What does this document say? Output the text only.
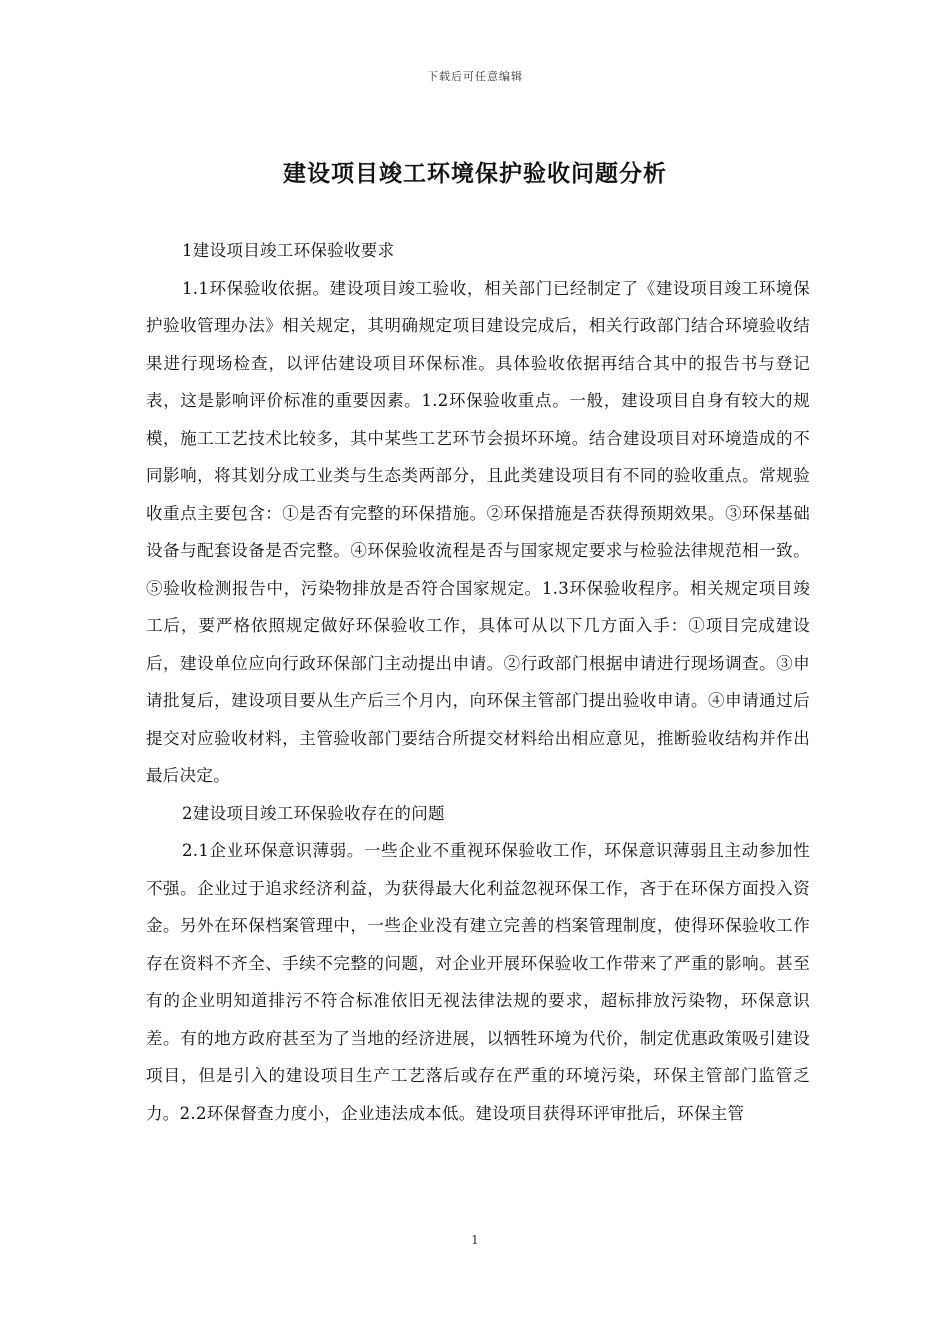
下载后可任意编辑
建设项目竣工环境保护验收问题分析

1建设项目竣工环保验收要求

1.1环保验收依据。建设项目竣工验收，相关部门已经制定了《建设项目竣工环境保护验收管理办法》相关规定，其明确规定项目建设完成后，相关行政部门结合环境验收结果进行现场检查，以评估建设项目环保标准。具体验收依据再结合其中的报告书与登记表，这是影响评价标准的重要因素。1.2环保验收重点。一般，建设项目自身有较大的规模，施工工艺技术比较多，其中某些工艺环节会损坏环境。结合建设项目对环境造成的不同影响，将其划分成工业类与生态类两部分，且此类建设项目有不同的验收重点。常规验收重点主要包含：①是否有完整的环保措施。②环保措施是否获得预期效果。③环保基础设备与配套设备是否完整。④环保验收流程是否与国家规定要求与检验法律规范相一致。⑤验收检测报告中，污染物排放是否符合国家规定。1.3环保验收程序。相关规定项目竣工后，要严格依照规定做好环保验收工作，具体可从以下几方面入手：①项目完成建设后，建设单位应向行政环保部门主动提出申请。②行政部门根据申请进行现场调查。③申请批复后，建设项目要从生产后三个月内，向环保主管部门提出验收申请。④申请通过后提交对应验收材料，主管验收部门要结合所提交材料给出相应意见，推断验收结构并作出最后决定。

2建设项目竣工环保验收存在的问题

2.1企业环保意识薄弱。一些企业不重视环保验收工作，环保意识薄弱且主动参加性不强。企业过于追求经济利益，为获得最大化利益忽视环保工作，吝于在环保方面投入资金。另外在环保档案管理中，一些企业没有建立完善的档案管理制度，使得环保验收工作存在资料不齐全、手续不完整的问题，对企业开展环保验收工作带来了严重的影响。甚至有的企业明知道排污不符合标准依旧无视法律法规的要求，超标排放污染物，环保意识差。有的地方政府甚至为了当地的经济进展，以牺牲环境为代价，制定优惠政策吸引建设项目，但是引入的建设项目生产工艺落后或存在严重的环境污染，环保主管部门监管乏力。2.2环保督查力度小，企业违法成本低。建设项目获得环评审批后，环保主管

1
